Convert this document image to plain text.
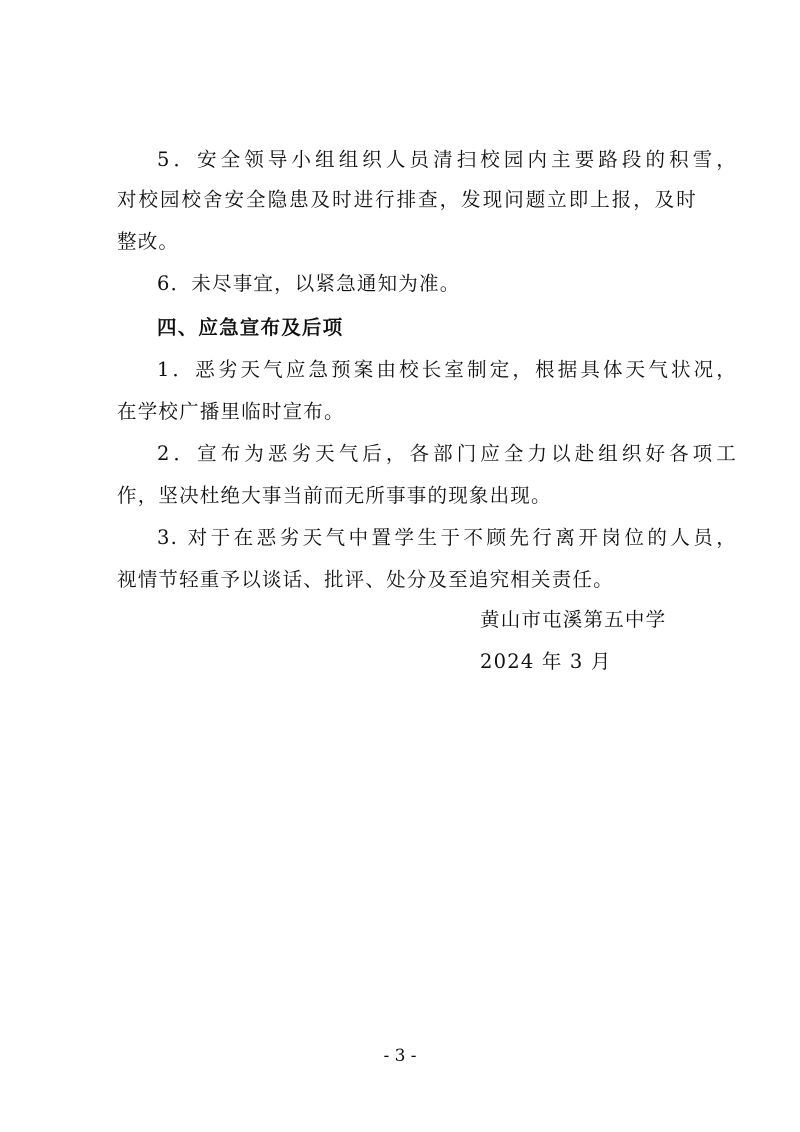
5．安全领导小组组织人员清扫校园内主要路段的积雪，
对校园校舍安全隐患及时进行排查，发现问题立即上报，及时
整改。
6．未尽事宜，以紧急通知为准。
四、应急宣布及后项
1．恶劣天气应急预案由校长室制定，根据具体天气状况，
在学校广播里临时宣布。
2．宣布为恶劣天气后，各部门应全力以赴组织好各项工
作，坚决杜绝大事当前而无所事事的现象出现。
3. 对于在恶劣天气中置学生于不顾先行离开岗位的人员，
视情节轻重予以谈话、批评、处分及至追究相关责任。
黄山市屯溪第五中学
2024 年 3 月
- 3 -
